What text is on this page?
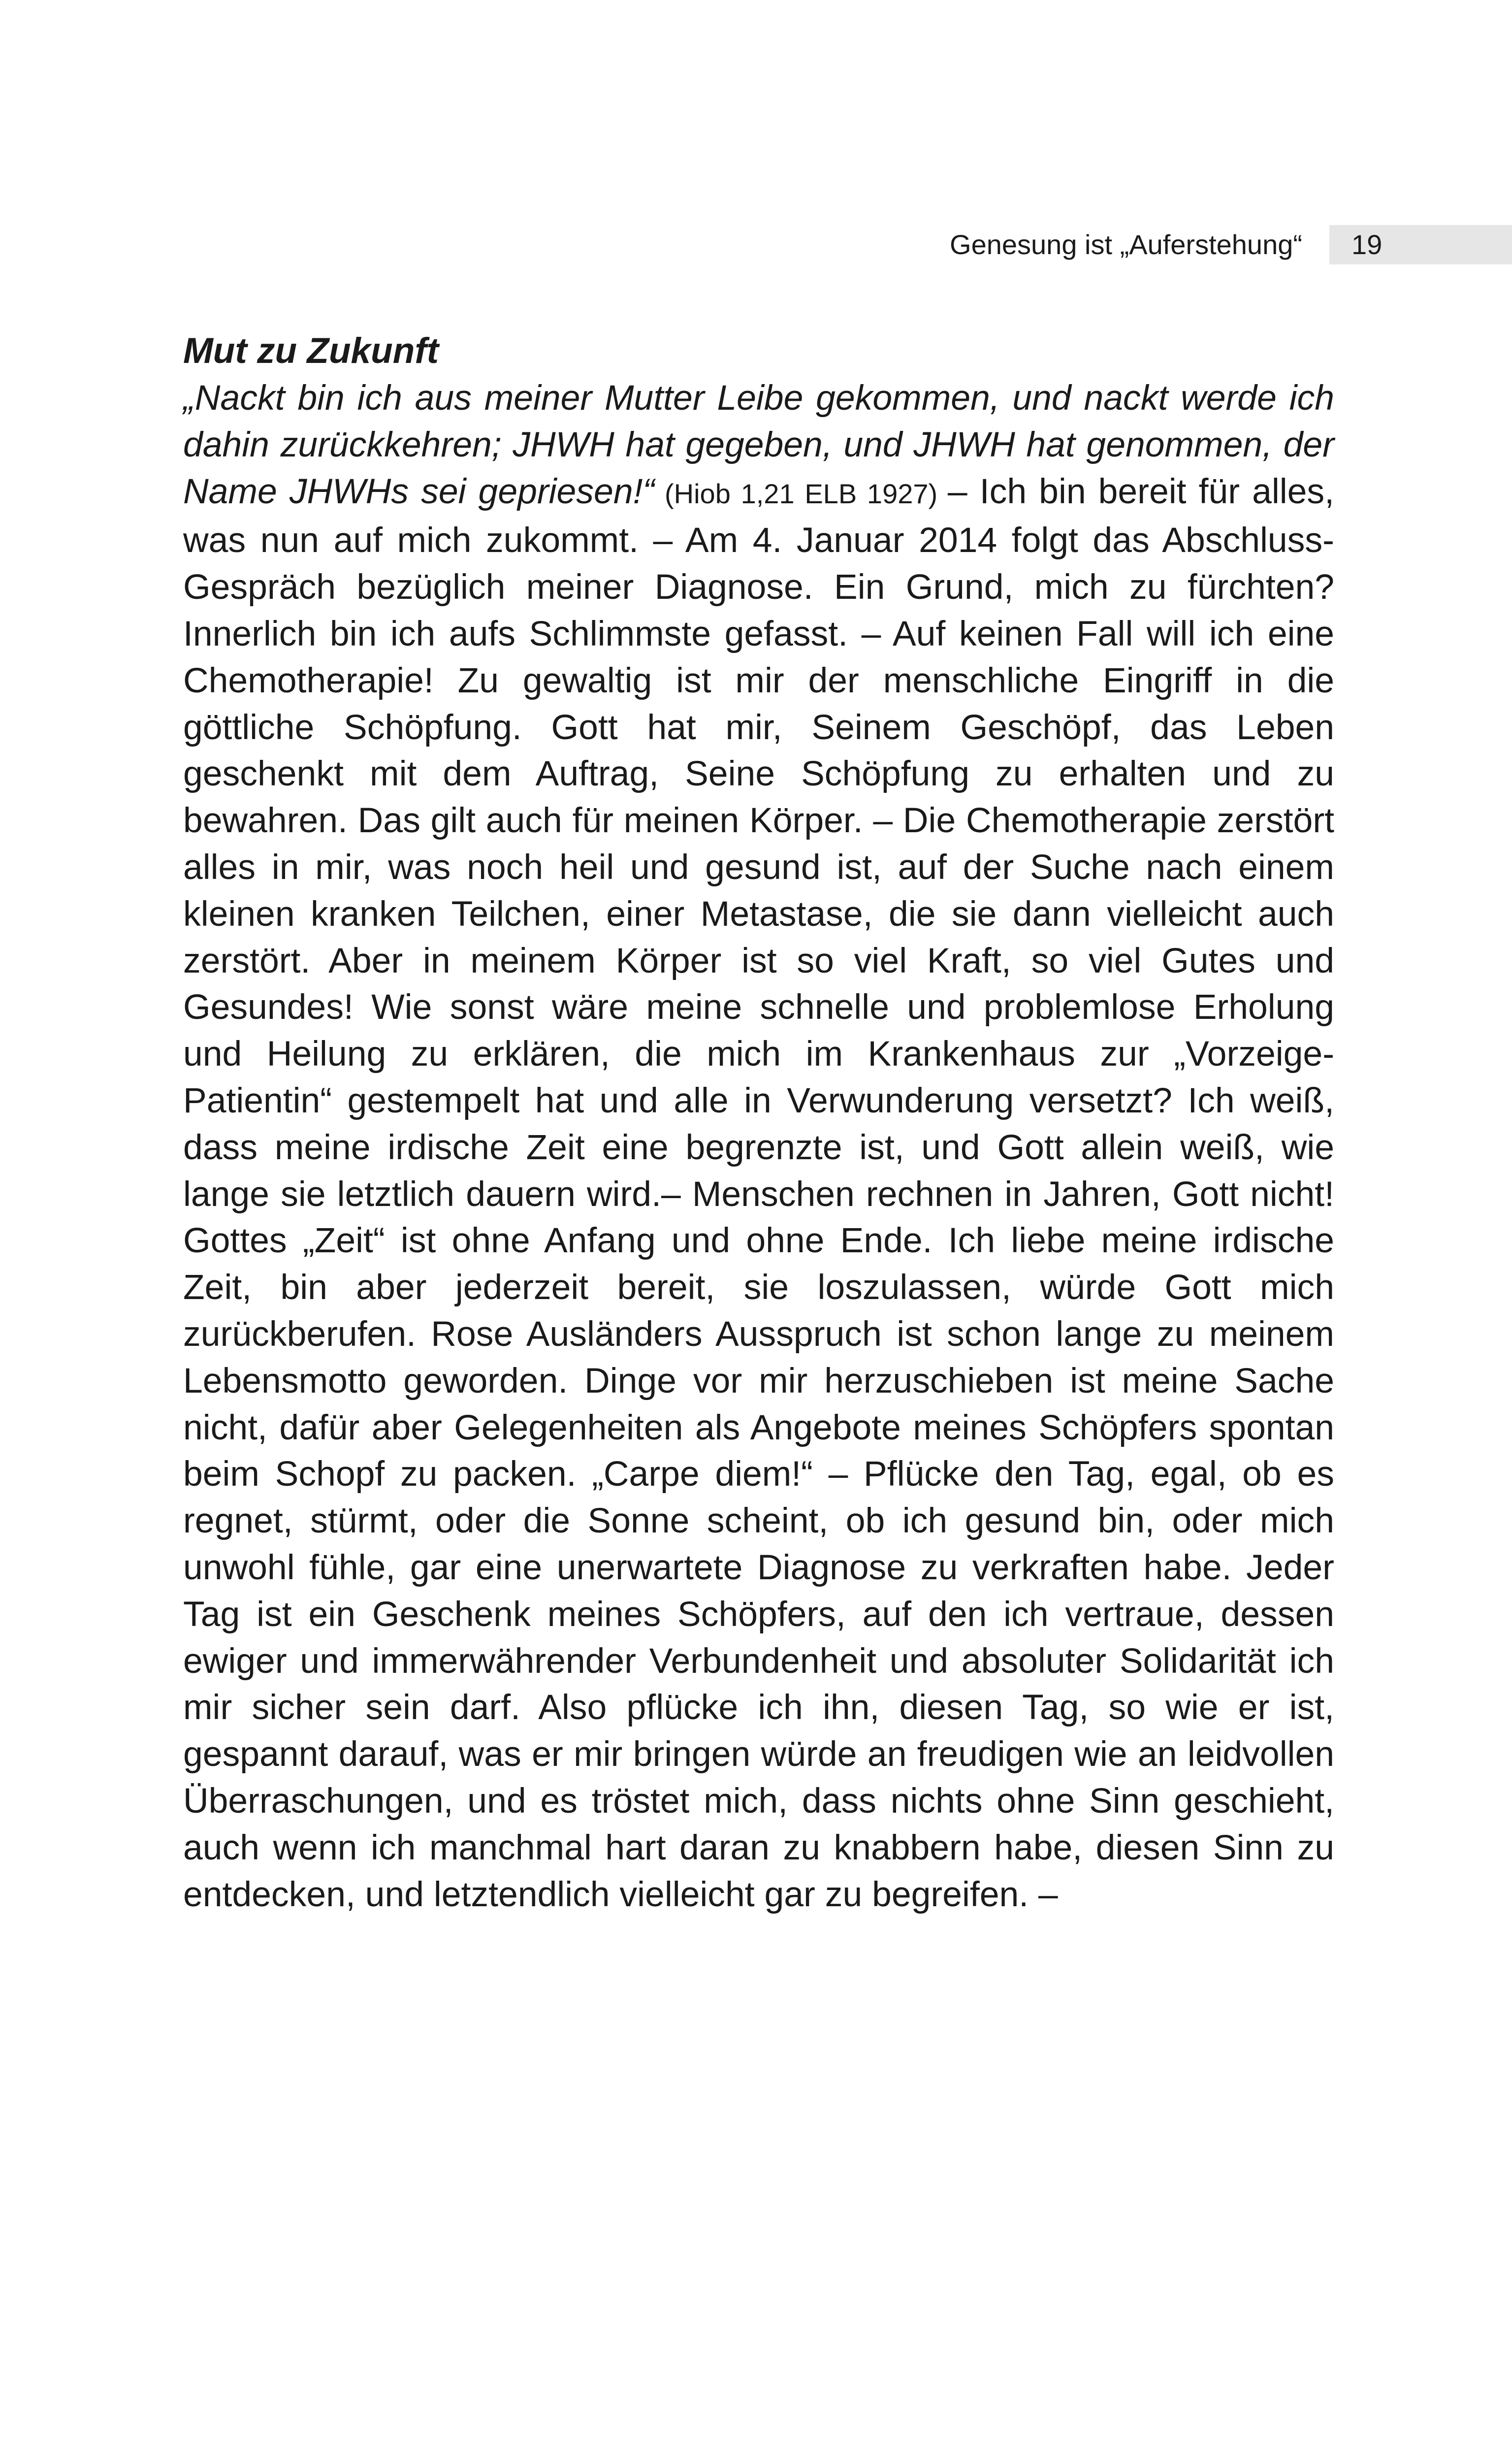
Genesung ist „Auferstehung“ 19
Mut zu Zukunft

„Nackt bin ich aus meiner Mutter Leibe gekommen, und nackt werde ich dahin zurückkehren; JHWH hat gegeben, und JHWH hat genommen, der Name JHWHs sei gepriesen!“ (Hiob 1,21 ELB 1927) – Ich bin bereit für alles, was nun auf mich zukommt. – Am 4. Januar 2014 folgt das Abschluss-Gespräch bezüglich meiner Diagnose. Ein Grund, mich zu fürchten? Innerlich bin ich aufs Schlimmste gefasst. – Auf keinen Fall will ich eine Chemotherapie! Zu gewaltig ist mir der menschliche Eingriff in die göttliche Schöpfung. Gott hat mir, Seinem Geschöpf, das Leben geschenkt mit dem Auftrag, Seine Schöpfung zu erhalten und zu bewahren. Das gilt auch für meinen Körper. – Die Chemotherapie zerstört alles in mir, was noch heil und gesund ist, auf der Suche nach einem kleinen kranken Teilchen, einer Metastase, die sie dann vielleicht auch zerstört. Aber in meinem Körper ist so viel Kraft, so viel Gutes und Gesundes! Wie sonst wäre meine schnelle und problemlose Erholung und Heilung zu erklären, die mich im Krankenhaus zur „Vorzeige-Patientin“ gestempelt hat und alle in Verwunderung versetzt? Ich weiß, dass meine irdische Zeit eine begrenzte ist, und Gott allein weiß, wie lange sie letztlich dauern wird.– Menschen rechnen in Jahren, Gott nicht! Gottes „Zeit“ ist ohne Anfang und ohne Ende. Ich liebe meine irdische Zeit, bin aber jederzeit bereit, sie loszulassen, würde Gott mich zurückberufen. Rose Ausländers Ausspruch ist schon lange zu meinem Lebensmotto geworden. Dinge vor mir herzuschieben ist meine Sache nicht, dafür aber Gelegenheiten als Angebote meines Schöpfers spontan beim Schopf zu packen. „Carpe diem!“ – Pflücke den Tag, egal, ob es regnet, stürmt, oder die Sonne scheint, ob ich gesund bin, oder mich unwohl fühle, gar eine unerwartete Diagnose zu verkraften habe. Jeder Tag ist ein Geschenk meines Schöpfers, auf den ich vertraue, dessen ewiger und immerwährender Verbundenheit und absoluter Solidarität ich mir sicher sein darf. Also pflücke ich ihn, diesen Tag, so wie er ist, gespannt darauf, was er mir bringen würde an freudigen wie an leidvollen Überraschungen, und es tröstet mich, dass nichts ohne Sinn geschieht, auch wenn ich manchmal hart daran zu knabbern habe, diesen Sinn zu entdecken, und letztendlich vielleicht gar zu begreifen. –
